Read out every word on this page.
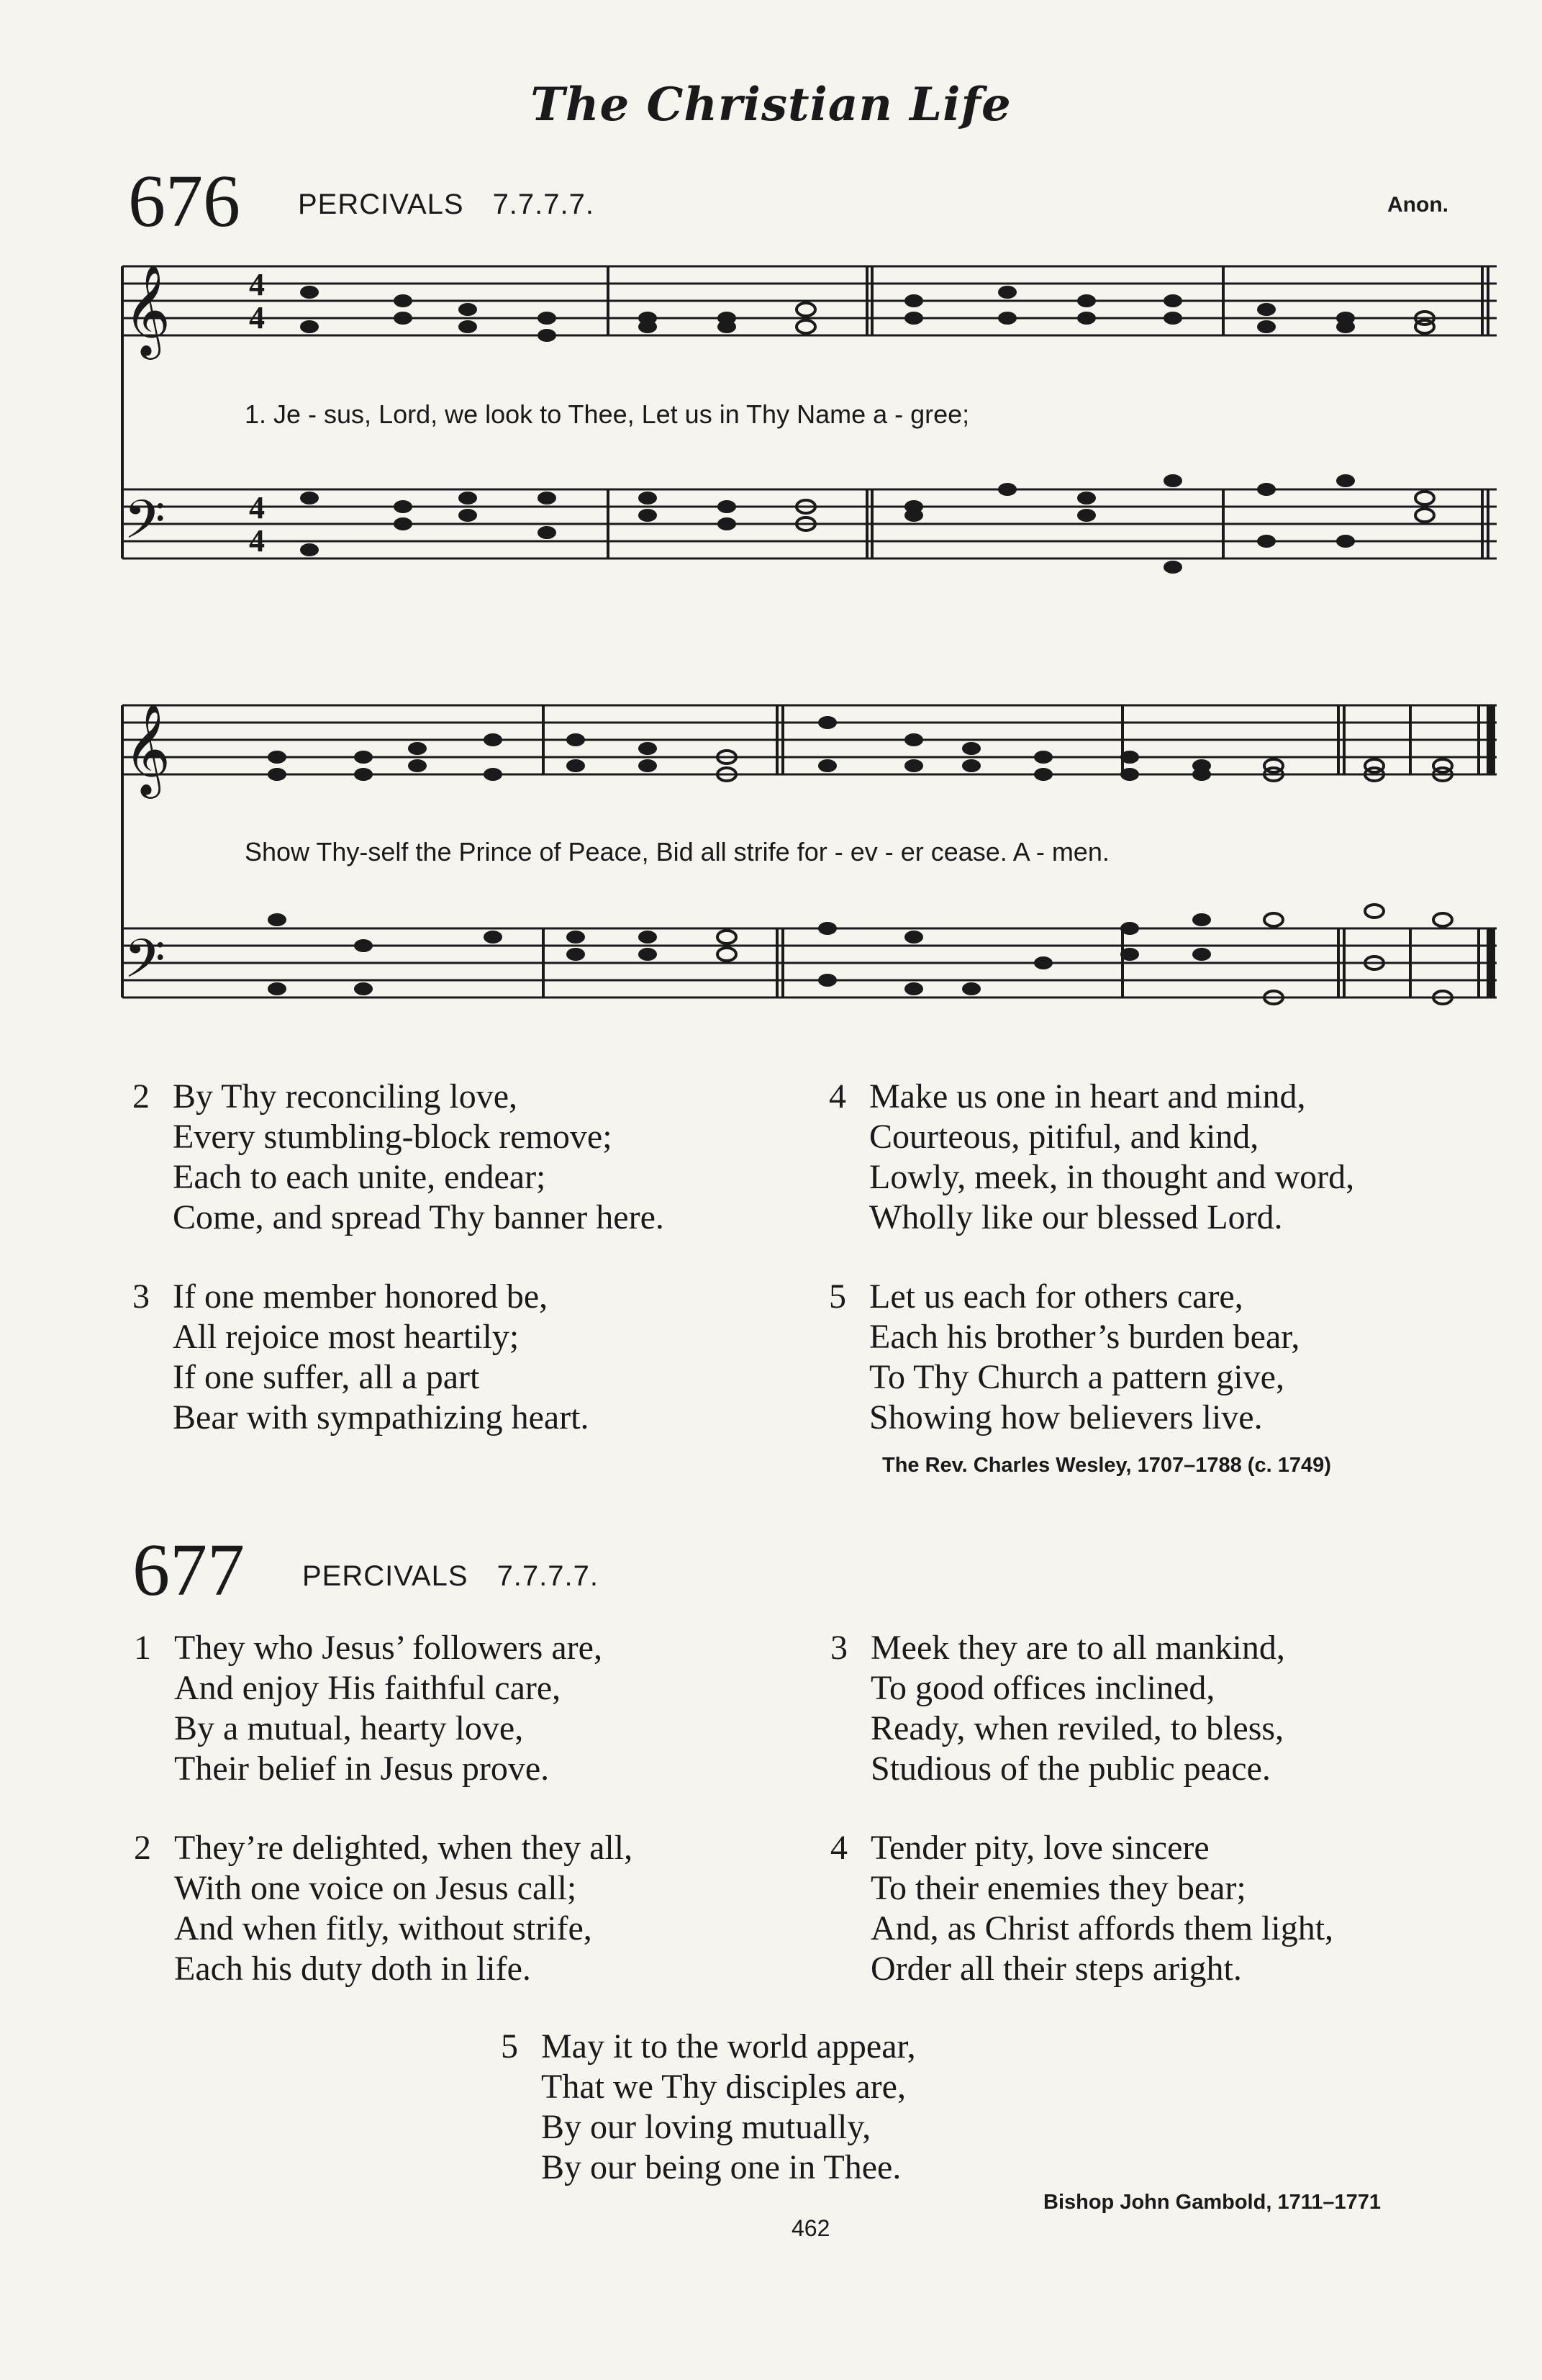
The Christian Life
676 PERCIVALS 7.7.7.7.	Anon.
𝄞 4
4
𝄢	4
4
1. Je - sus, Lord, we look to Thee, Let us in Thy Name a - gree;
𝄞
𝄢
Show Thy-self the Prince of Peace, Bid all strife for - ev - er cease. A - men.
2 By Thy reconciling love,
Every stumbling-block remove;
Each to each unite, endear;
Come, and spread Thy banner here.
3 If one member honored be,
All rejoice most heartily;
If one suffer, all a part
Bear with sympathizing heart.
4 Make us one in heart and mind,
Courteous, pitiful, and kind,
Lowly, meek, in thought and word,
Wholly like our blessed Lord.
5 Let us each for others care,
Each his brother’s burden bear,
To Thy Church a pattern give,
Showing how believers live.
The Rev. Charles Wesley, 1707–1788 (c. 1749)
677 PERCIVALS 7.7.7.7.
1 They who Jesus’ followers are,
And enjoy His faithful care,
By a mutual, hearty love,
Their belief in Jesus prove.
2 They’re delighted, when they all,
With one voice on Jesus call;
And when fitly, without strife,
Each his duty doth in life.
3 Meek they are to all mankind,
To good offices inclined,
Ready, when reviled, to bless,
Studious of the public peace.
4 Tender pity, love sincere
To their enemies they bear;
And, as Christ affords them light,
Order all their steps aright.
5 May it to the world appear,
That we Thy disciples are,
By our loving mutually,
By our being one in Thee.
Bishop John Gambold, 1711–1771
462
